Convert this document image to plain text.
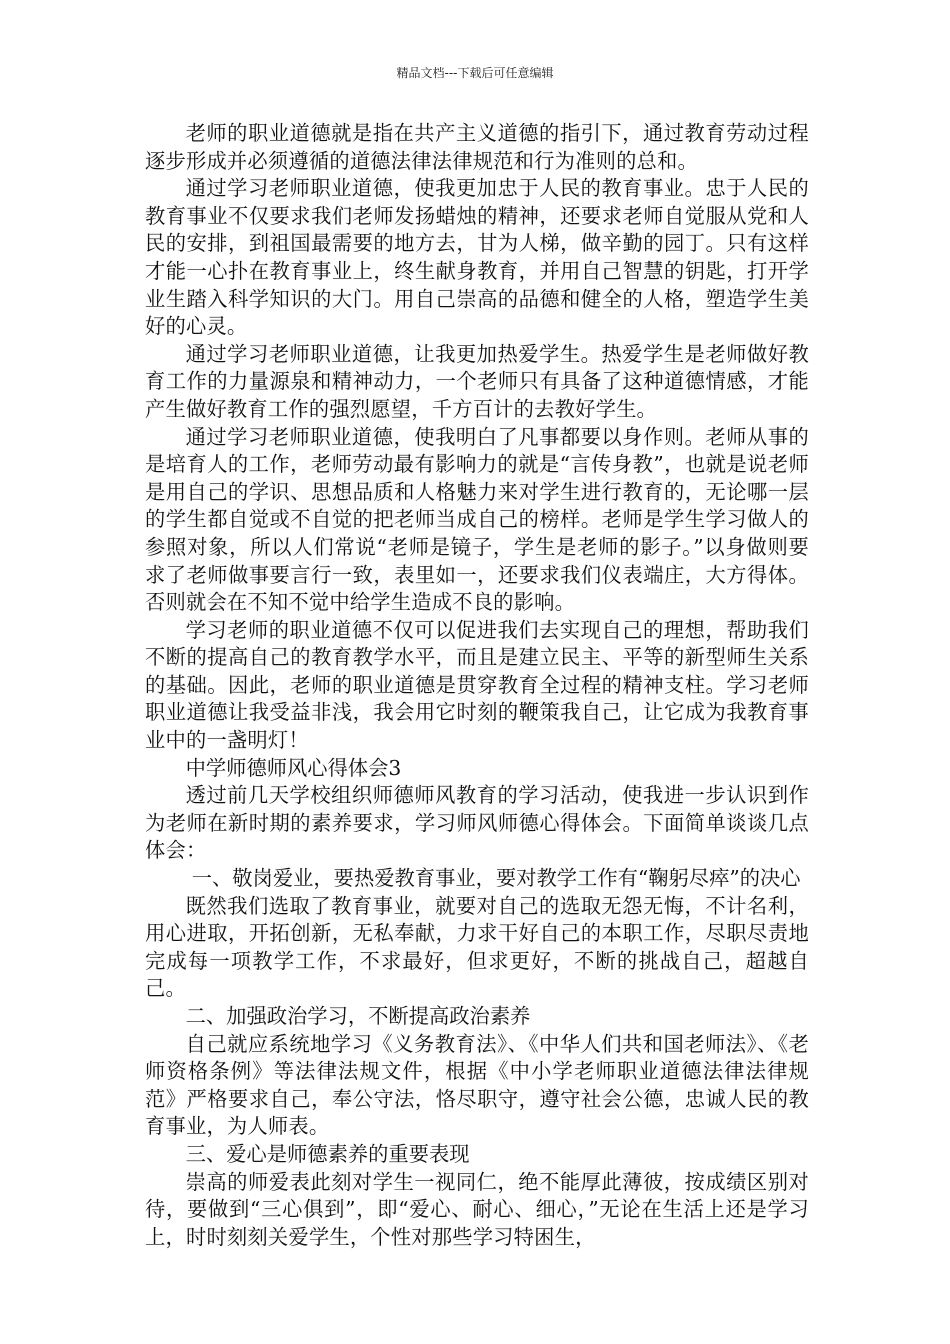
精品文档---下载后可任意编辑

老师的职业道德就是指在共产主义道德的指引下，通过教育劳动过程逐步形成并必须遵循的道德法律法律规范和行为准则的总和。

通过学习老师职业道德，使我更加忠于人民的教育事业。忠于人民的教育事业不仅要求我们老师发扬蜡烛的精神，还要求老师自觉服从党和人民的安排，到祖国最需要的地方去，甘为人梯，做辛勤的园丁。只有这样才能一心扑在教育事业上，终生献身教育，并用自己智慧的钥匙，打开学业生踏入科学知识的大门。用自己崇高的品德和健全的人格，塑造学生美好的心灵。

通过学习老师职业道德，让我更加热爱学生。热爱学生是老师做好教育工作的力量源泉和精神动力，一个老师只有具备了这种道德情感，才能产生做好教育工作的强烈愿望，千方百计的去教好学生。

通过学习老师职业道德，使我明白了凡事都要以身作则。老师从事的是培育人的工作，老师劳动最有影响力的就是“言传身教”，也就是说老师是用自己的学识、思想品质和人格魅力来对学生进行教育的，无论哪一层的学生都自觉或不自觉的把老师当成自己的榜样。老师是学生学习做人的参照对象，所以人们常说“老师是镜子，学生是老师的影子。”以身做则要求了老师做事要言行一致，表里如一，还要求我们仪表端庄，大方得体。否则就会在不知不觉中给学生造成不良的影响。

学习老师的职业道德不仅可以促进我们去实现自己的理想，帮助我们不断的提高自己的教育教学水平，而且是建立民主、平等的新型师生关系的基础。因此，老师的职业道德是贯穿教育全过程的精神支柱。学习老师职业道德让我受益非浅，我会用它时刻的鞭策我自己，让它成为我教育事业中的一盏明灯！

中学师德师风心得体会3

透过前几天学校组织师德师风教育的学习活动，使我进一步认识到作为老师在新时期的素养要求，学习师风师德心得体会。下面简单谈谈几点体会：

一、敬岗爱业，要热爱教育事业，要对教学工作有“鞠躬尽瘁”的决心

既然我们选取了教育事业，就要对自己的选取无怨无悔，不计名利，用心进取，开拓创新，无私奉献，力求干好自己的本职工作，尽职尽责地完成每一项教学工作，不求最好，但求更好，不断的挑战自己，超越自己。

二、加强政治学习，不断提高政治素养

自己就应系统地学习《义务教育法》、《中华人们共和国老师法》、《老师资格条例》等法律法规文件，根据《中小学老师职业道德法律法律规范》严格要求自己，奉公守法，恪尽职守，遵守社会公德，忠诚人民的教育事业，为人师表。

三、爱心是师德素养的重要表现

崇高的师爱表此刻对学生一视同仁，绝不能厚此薄彼，按成绩区别对待，要做到“三心俱到”，即“爱心、耐心、细心，”无论在生活上还是学习上，时时刻刻关爱学生，个性对那些学习特困生，
